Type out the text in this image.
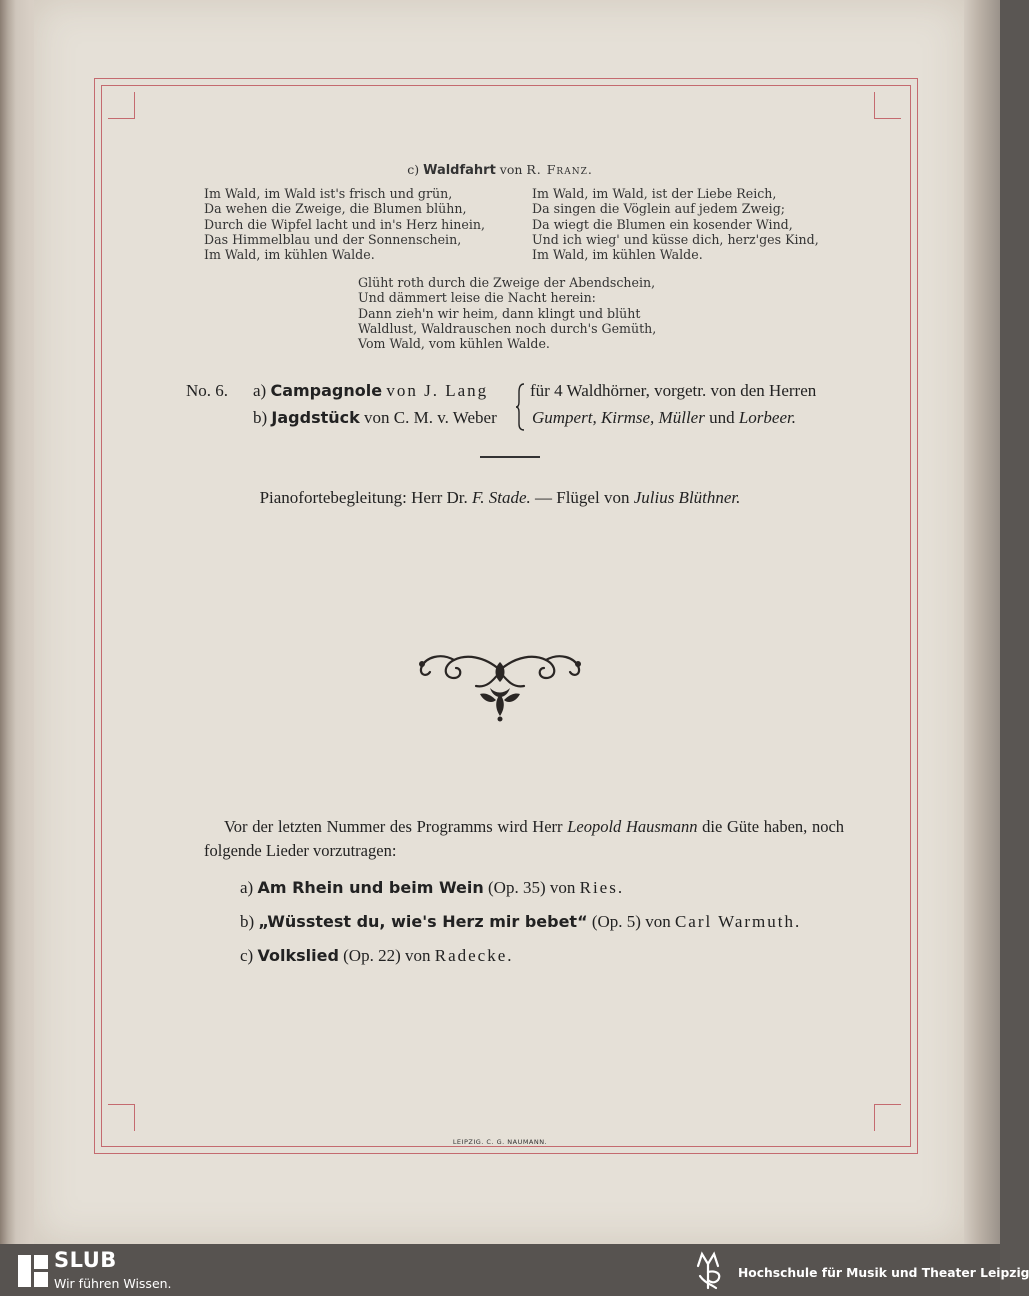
c) Waldfahrt von R. Franz.
Im Wald, im Wald ist's frisch und grün,
Da wehen die Zweige, die Blumen blühn,
Durch die Wipfel lacht und in's Herz hinein,
Das Himmelblau und der Sonnenschein,
Im Wald, im kühlen Walde.
Im Wald, im Wald, ist der Liebe Reich,
Da singen die Vöglein auf jedem Zweig;
Da wiegt die Blumen ein kosender Wind,
Und ich wieg' und küsse dich, herz'ges Kind,
Im Wald, im kühlen Walde.
Glüht roth durch die Zweige der Abendschein,
Und dämmert leise die Nacht herein:
Dann zieh'n wir heim, dann klingt und blüht
Waldlust, Waldrauschen noch durch's Gemüth,
Vom Wald, vom kühlen Walde.
No. 6. a) Campagnole von J. Lang
b) Jagdstück von C. M. v. Weber
für 4 Waldhörner, vorgetr. von den Herren
Gumpert, Kirmse, Müller und Lorbeer.
Pianofortebegleitung: Herr Dr. F. Stade. — Flügel von Julius Blüthner.
Vor der letzten Nummer des Programms wird Herr Leopold Hausmann die Güte haben, noch folgende Lieder vorzutragen:
a) Am Rhein und beim Wein (Op. 35) von Ries.
b) „Wüsstest du, wie's Herz mir bebet“ (Op. 5) von Carl Warmuth.
c) Volkslied (Op. 22) von Radecke.
LEIPZIG. C. G. NAUMANN.
SLUB
Wir führen Wissen.
Hochschule für Musik und Theater Leipzig
